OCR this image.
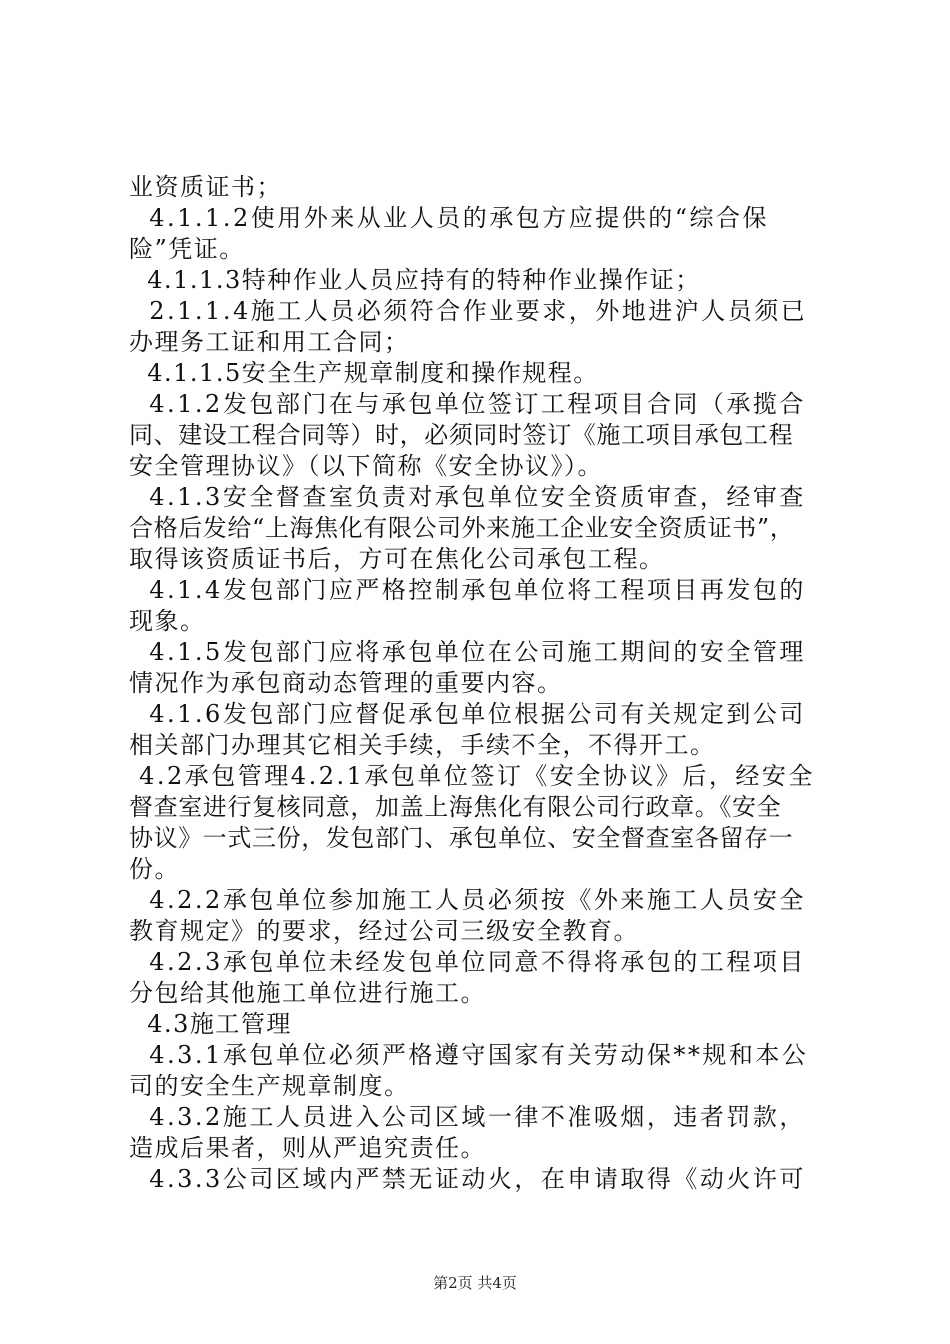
业资质证书；
4.1.1.2使用外来从业人员的承包方应提供的“综合保
险”凭证。
4.1.1.3特种作业人员应持有的特种作业操作证；
2.1.1.4施工人员必须符合作业要求，外地进沪人员须已
办理务工证和用工合同；
4.1.1.5安全生产规章制度和操作规程。
4.1.2发包部门在与承包单位签订工程项目合同（承揽合
同、建设工程合同等）时，必须同时签订《施工项目承包工程
安全管理协议》（以下简称《安全协议》）。
4.1.3安全督查室负责对承包单位安全资质审查，经审查
合格后发给“上海焦化有限公司外来施工企业安全资质证书”，
取得该资质证书后，方可在焦化公司承包工程。
4.1.4发包部门应严格控制承包单位将工程项目再发包的
现象。
4.1.5发包部门应将承包单位在公司施工期间的安全管理
情况作为承包商动态管理的重要内容。
4.1.6发包部门应督促承包单位根据公司有关规定到公司
相关部门办理其它相关手续，手续不全，不得开工。
4.2承包管理4.2.1承包单位签订《安全协议》后，经安全
督查室进行复核同意，加盖上海焦化有限公司行政章。《安全
协议》一式三份，发包部门、承包单位、安全督查室各留存一
份。
4.2.2承包单位参加施工人员必须按《外来施工人员安全
教育规定》的要求，经过公司三级安全教育。
4.2.3承包单位未经发包单位同意不得将承包的工程项目
分包给其他施工单位进行施工。
4.3施工管理
4.3.1承包单位必须严格遵守国家有关劳动保**规和本公
司的安全生产规章制度。
4.3.2施工人员进入公司区域一律不准吸烟，违者罚款，
造成后果者，则从严追究责任。
4.3.3公司区域内严禁无证动火，在申请取得《动火许可
第2页 共4页
